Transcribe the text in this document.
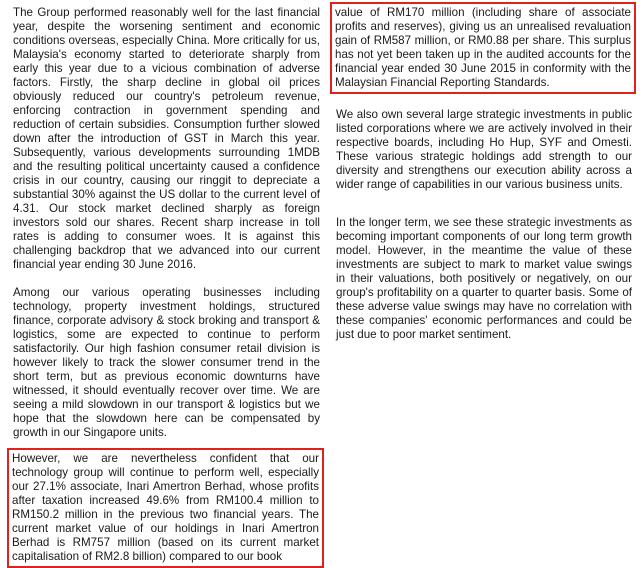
The Group performed reasonably well for the last financial year, despite the worsening sentiment and economic conditions overseas, especially China. More critically for us, Malaysia's economy started to deteriorate sharply from early this year due to a vicious combination of adverse factors. Firstly, the sharp decline in global oil prices obviously reduced our country's petroleum revenue, enforcing contraction in government spending and reduction of certain subsidies. Consumption further slowed down after the introduction of GST in March this year. Subsequently, various developments surrounding 1MDB and the resulting political uncertainty caused a confidence crisis in our country, causing our ringgit to depreciate a substantial 30% against the US dollar to the current level of 4.31. Our stock market declined sharply as foreign investors sold our shares. Recent sharp increase in toll rates is adding to consumer woes. It is against this challenging backdrop that we advanced into our current financial year ending 30 June 2016.

Among our various operating businesses including technology, property investment holdings, structured finance, corporate advisory & stock broking and transport & logistics, some are expected to continue to perform satisfactorily. Our high fashion consumer retail division is however likely to track the slower consumer trend in the short term, but as previous economic downturns have witnessed, it should eventually recover over time. We are seeing a mild slowdown in our transport & logistics but we hope that the slowdown here can be compensated by growth in our Singapore units.

However, we are nevertheless confident that our technology group will continue to perform well, especially our 27.1% associate, Inari Amertron Berhad, whose profits after taxation increased 49.6% from RM100.4 million to RM150.2 million in the previous two financial years. The current market value of our holdings in Inari Amertron Berhad is RM757 million (based on its current market capitalisation of RM2.8 billion) compared to our book

value of RM170 million (including share of associate profits and reserves), giving us an unrealised revaluation gain of RM587 million, or RM0.88 per share. This surplus has not yet been taken up in the audited accounts for the financial year ended 30 June 2015 in conformity with the Malaysian Financial Reporting Standards.

We also own several large strategic investments in public listed corporations where we are actively involved in their respective boards, including Ho Hup, SYF and Omesti. These various strategic holdings add strength to our diversity and strengthens our execution ability across a wider range of capabilities in our various business units.

In the longer term, we see these strategic investments as becoming important components of our long term growth model. However, in the meantime the value of these investments are subject to mark to market value swings in their valuations, both positively or negatively, on our group's profitability on a quarter to quarter basis. Some of these adverse value swings may have no correlation with these companies' economic performances and could be just due to poor market sentiment.
